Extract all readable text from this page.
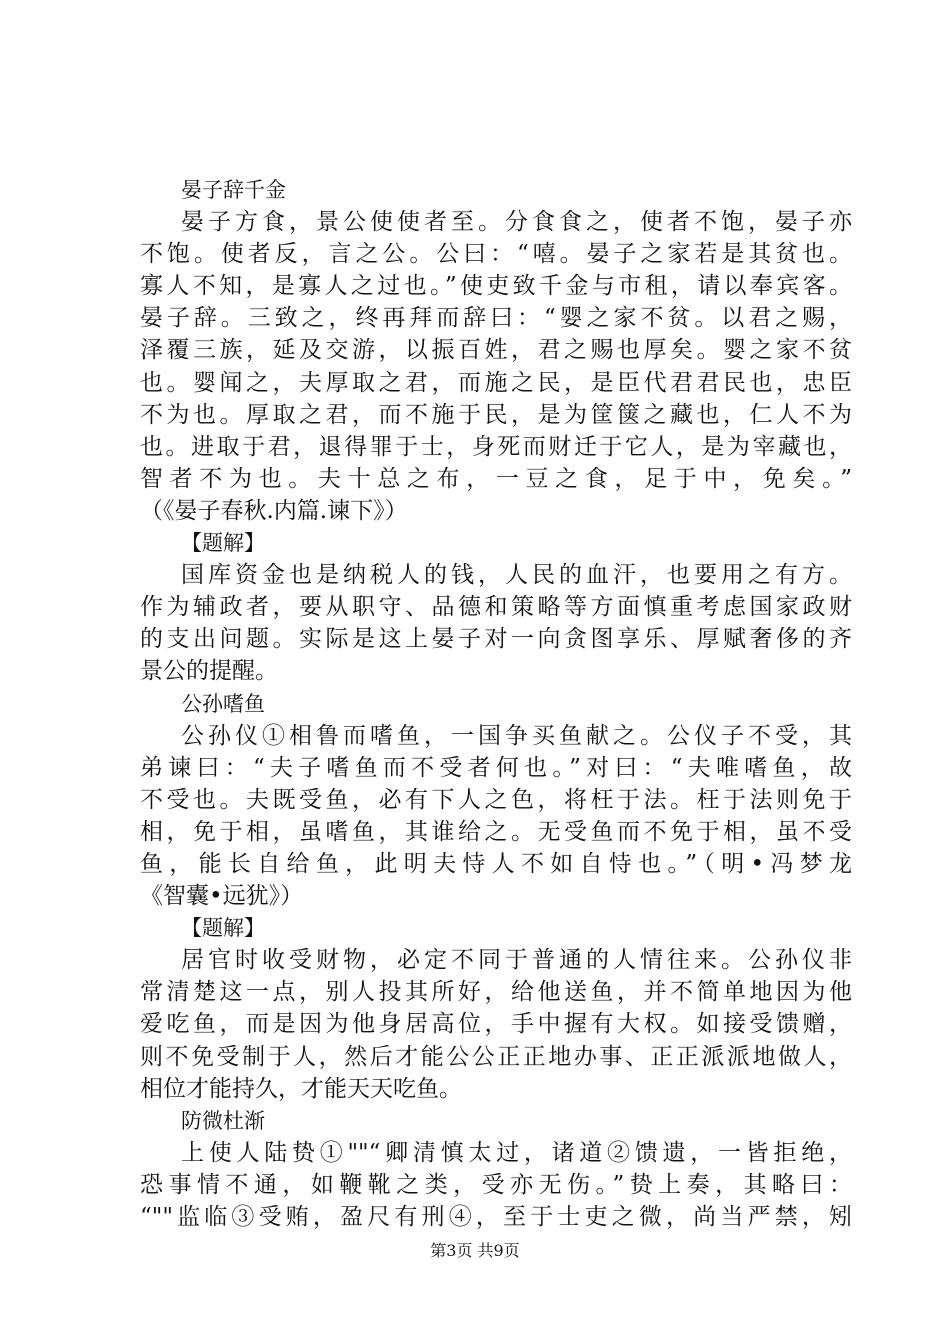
晏子辞千金
晏子方食，景公使使者至。分食食之，使者不饱，晏子亦
不饱。使者反，言之公。公曰：“嘻。晏子之家若是其贫也。
寡人不知，是寡人之过也。”使吏致千金与市租，请以奉宾客。
晏子辞。三致之，终再拜而辞曰：“婴之家不贫。以君之赐，
泽覆三族，延及交游，以振百姓，君之赐也厚矣。婴之家不贫
也。婴闻之，夫厚取之君，而施之民，是臣代君君民也，忠臣
不为也。厚取之君，而不施于民，是为筐箧之藏也，仁人不为
也。进取于君，退得罪于士，身死而财迁于它人，是为宰藏也，
智者不为也。夫十总之布，一豆之食，足于中，免矣。”
（《晏子春秋.内篇.谏下》）
【题解】
国库资金也是纳税人的钱，人民的血汗，也要用之有方。
作为辅政者，要从职守、品德和策略等方面慎重考虑国家政财
的支出问题。实际是这上晏子对一向贪图享乐、厚赋奢侈的齐
景公的提醒。
公孙嗜鱼
公孙仪①相鲁而嗜鱼，一国争买鱼献之。公仪子不受，其
弟谏曰：“夫子嗜鱼而不受者何也。”对曰：“夫唯嗜鱼，故
不受也。夫既受鱼，必有下人之色，将枉于法。枉于法则免于
相，免于相，虽嗜鱼，其谁给之。无受鱼而不免于相，虽不受
鱼，能长自给鱼，此明夫恃人不如自恃也。”（明•冯梦龙
《智囊•远犹》）
【题解】
居官时收受财物，必定不同于普通的人情往来。公孙仪非
常清楚这一点，别人投其所好，给他送鱼，并不简单地因为他
爱吃鱼，而是因为他身居高位，手中握有大权。如接受馈赠，
则不免受制于人，然后才能公公正正地办事、正正派派地做人，
相位才能持久，才能天天吃鱼。
防微杜渐
上使人陆贽①""“卿清慎太过，诸道②馈遗，一皆拒绝，
恐事情不通，如鞭靴之类，受亦无伤。”贽上奏，其略曰：
“""监临③受贿，盈尺有刑④，至于士吏之微，尚当严禁，矧
第3页 共9页
